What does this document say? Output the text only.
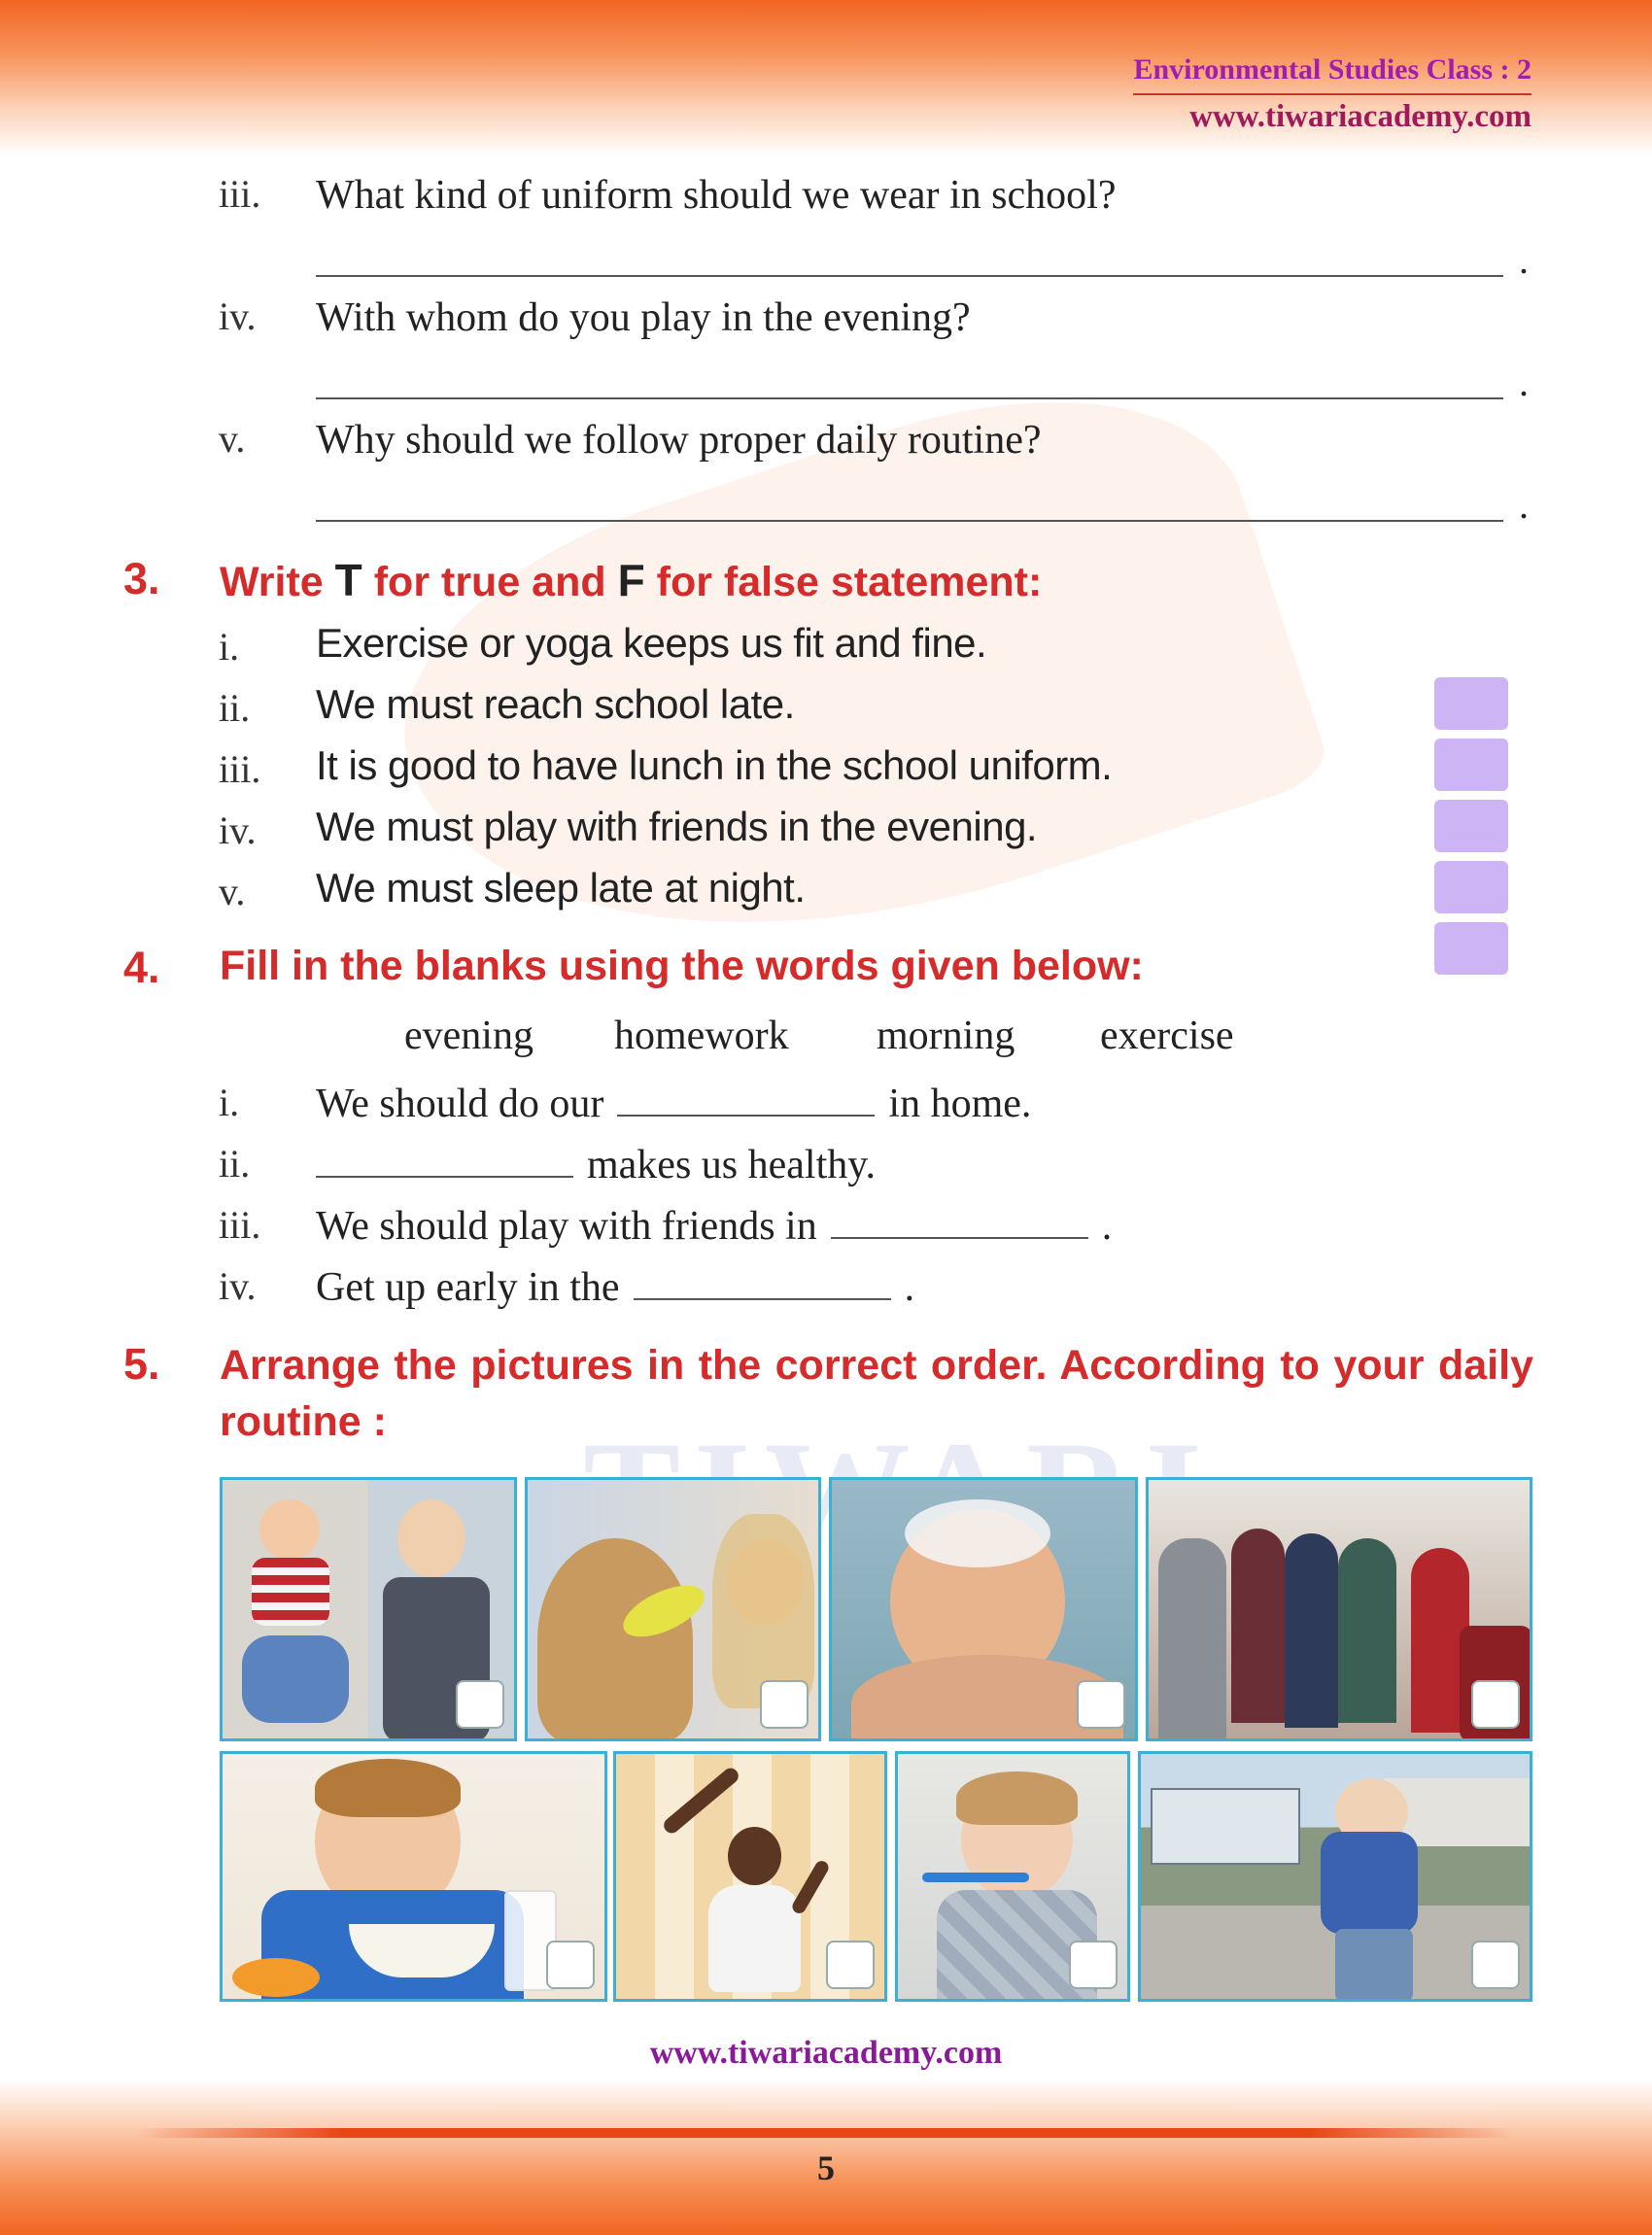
Environmental Studies Class : 2
www.tiwariacademy.com
iii. What kind of uniform should we wear in school?
.
iv. With whom do you play in the evening?
.
v. Why should we follow proper daily routine?
.
3. Write T for true and F for false statement:
i. Exercise or yoga keeps us fit and fine.
ii. We must reach school late.
iii. It is good to have lunch in the school uniform.
iv. We must play with friends in the evening.
v. We must sleep late at night.
4. Fill in the blanks using the words given below:
evening homework morning exercise
i. We should do our	in home.
ii.	makes us healthy.
iii. We should play with friends in	.
iv. Get up early in the	.
5. Arrange the pictures in the correct order. According to your daily routine :
www.tiwariacademy.com
5
